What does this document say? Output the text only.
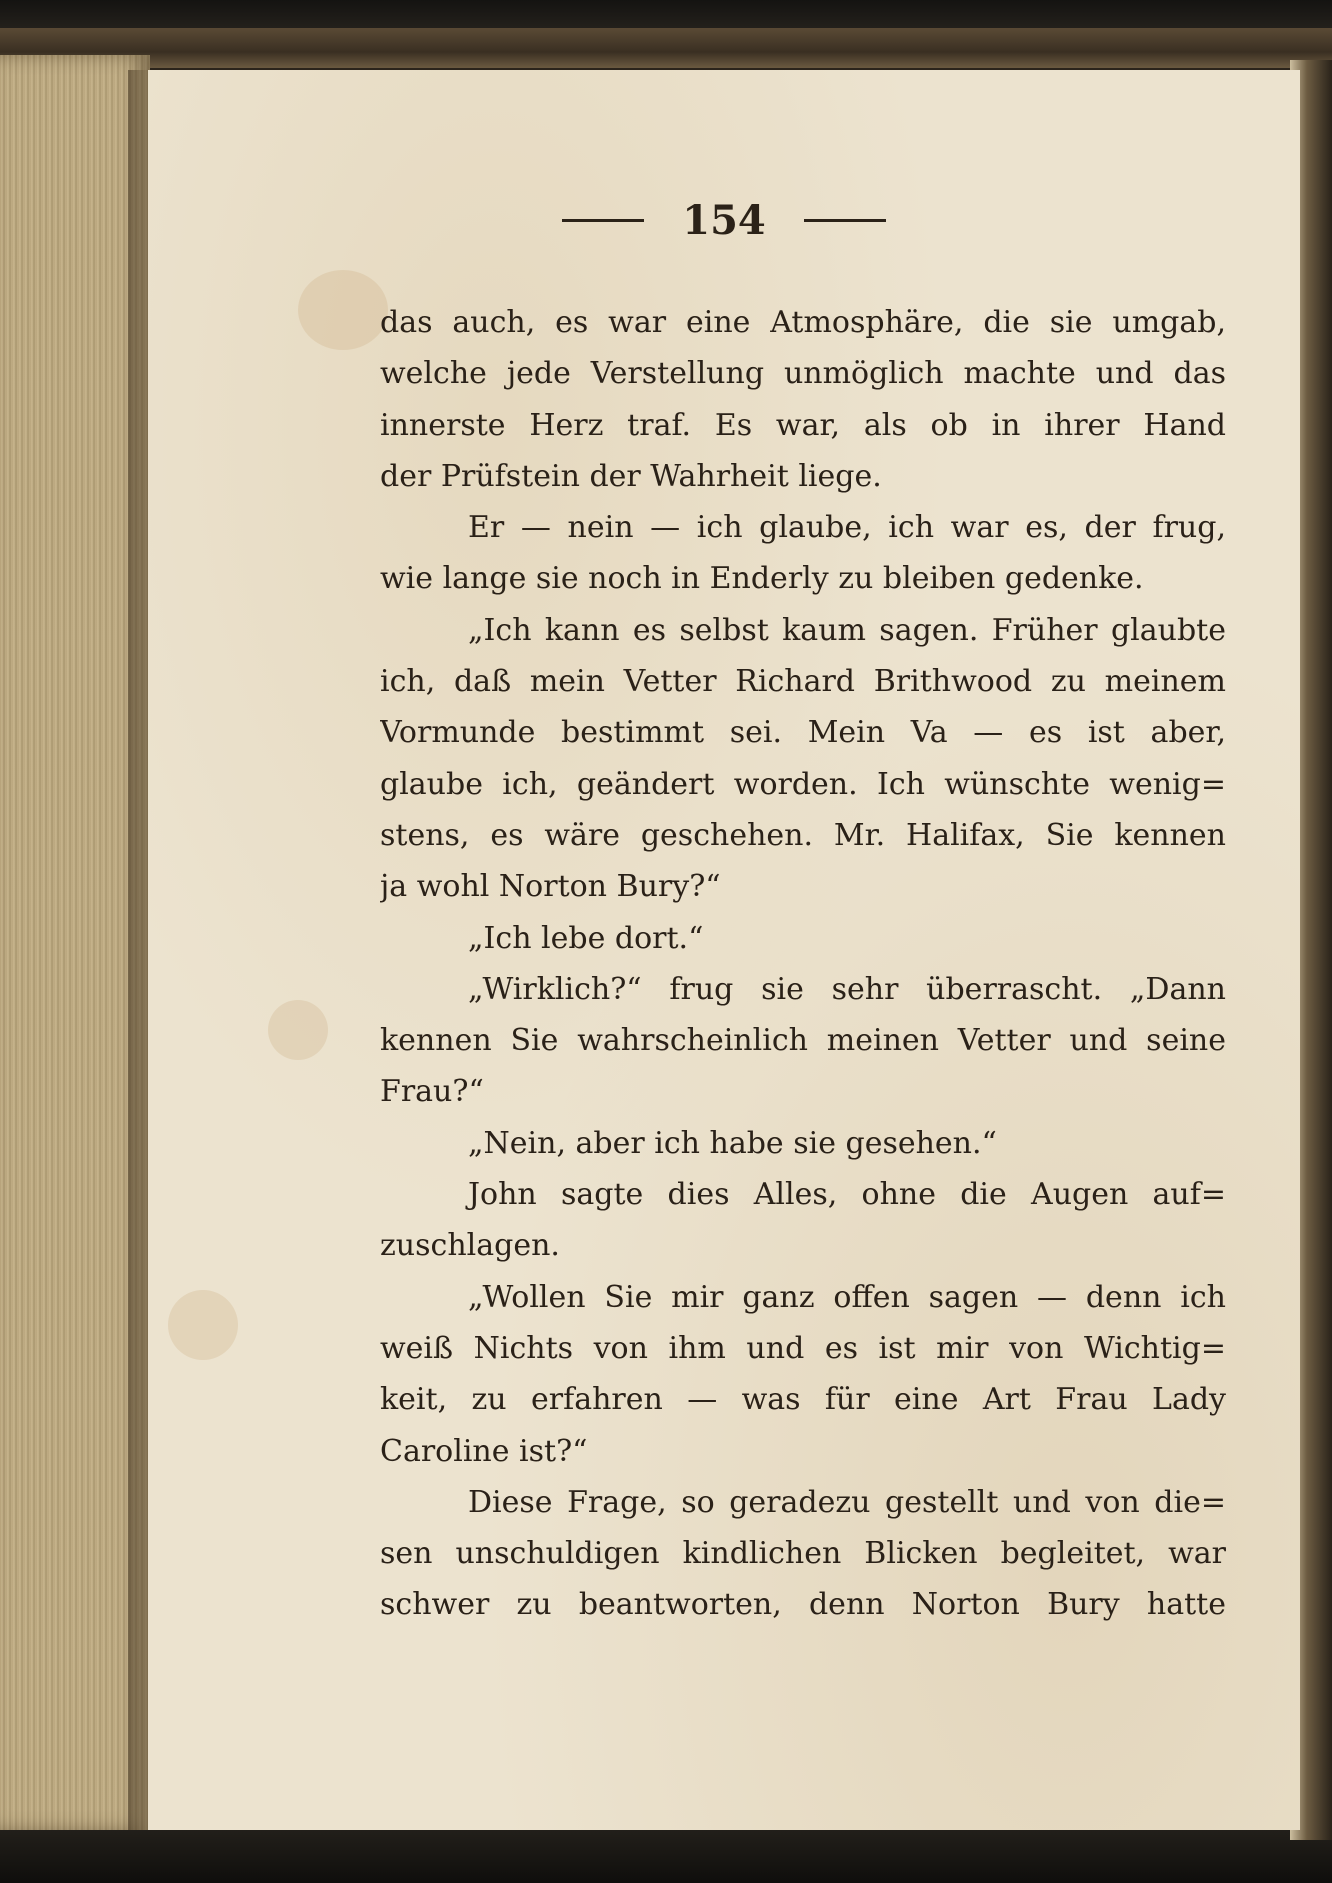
154
das auch, es war eine Atmosphäre, die sie umgab,
welche jede Verstellung unmöglich machte und das
innerste Herz traf. Es war, als ob in ihrer Hand
der Prüfstein der Wahrheit liege.
Er — nein — ich glaube, ich war es, der frug,
wie lange sie noch in Enderly zu bleiben gedenke.
„Ich kann es selbst kaum sagen. Früher glaubte
ich, daß mein Vetter Richard Brithwood zu meinem
Vormunde bestimmt sei. Mein Va — es ist aber,
glaube ich, geändert worden. Ich wünschte wenig=
stens, es wäre geschehen. Mr. Halifax, Sie kennen
ja wohl Norton Bury?“
„Ich lebe dort.“
„Wirklich?“ frug sie sehr überrascht. „Dann
kennen Sie wahrscheinlich meinen Vetter und seine
Frau?“
„Nein, aber ich habe sie gesehen.“
John sagte dies Alles, ohne die Augen auf=
zuschlagen.
„Wollen Sie mir ganz offen sagen — denn ich
weiß Nichts von ihm und es ist mir von Wichtig=
keit, zu erfahren — was für eine Art Frau Lady
Caroline ist?“
Diese Frage, so geradezu gestellt und von die=
sen unschuldigen kindlichen Blicken begleitet, war
schwer zu beantworten, denn Norton Bury hatte
